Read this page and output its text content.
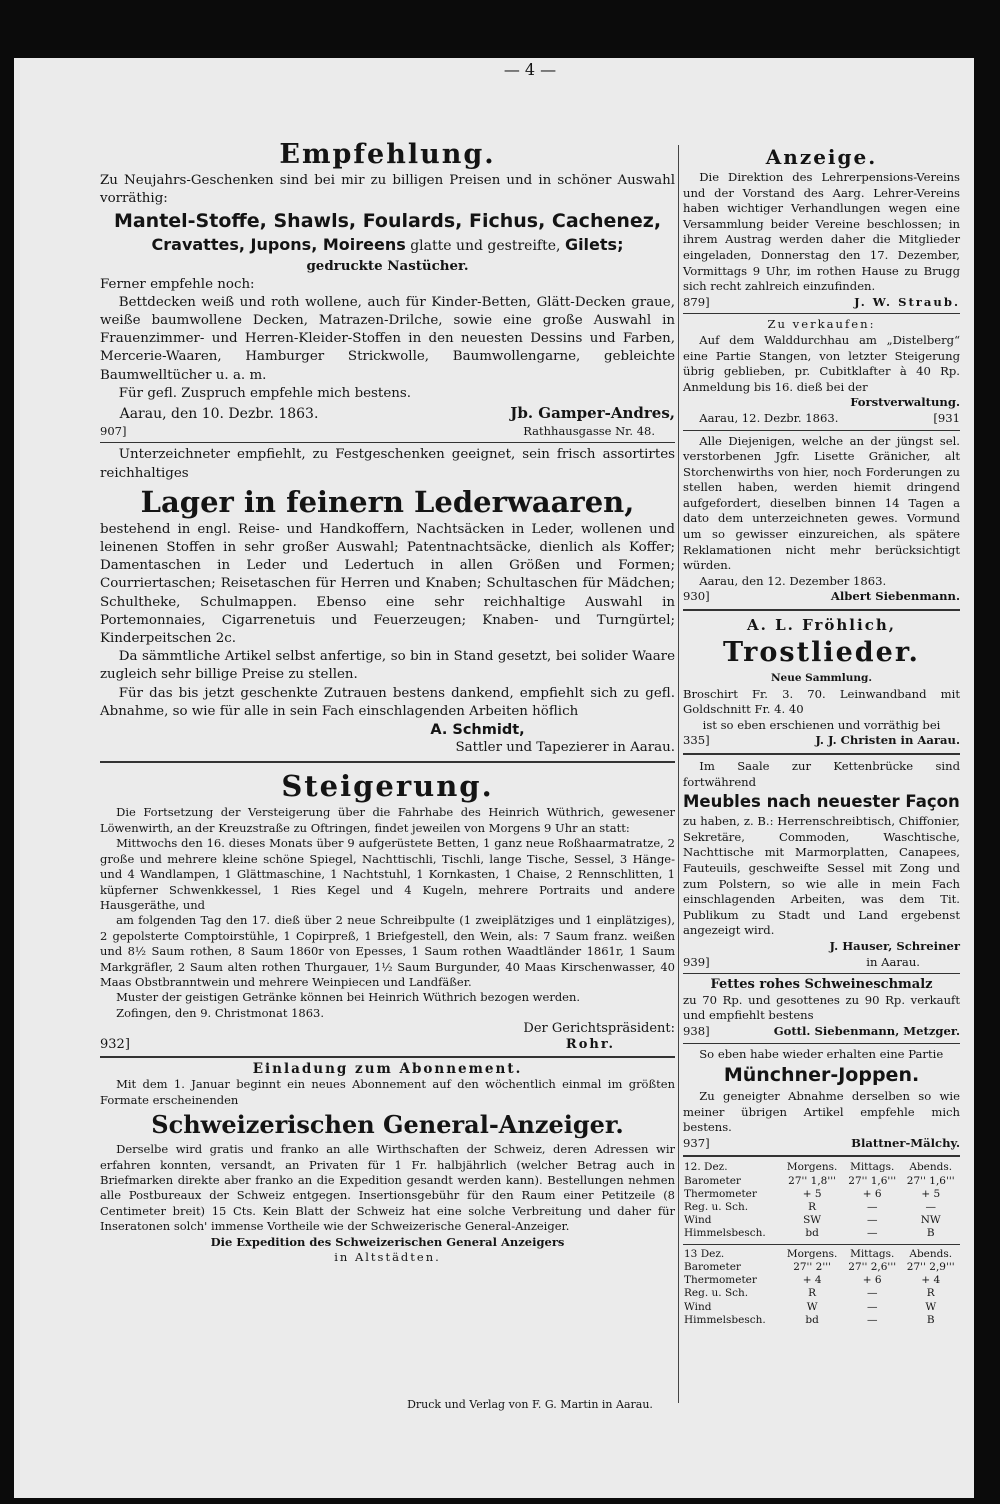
— 4 —

Empfehlung.

Zu Neujahrs-Geschenken sind bei mir zu billigen Preisen und in schöner Auswahl vorräthig:

Mantel-Stoffe, Shawls, Foulards, Fichus, Cachenez,

Cravattes, Jupons, Moireens glatte und gestreifte, Gilets;

gedruckte Nastücher.

Ferner empfehle noch:

Bettdecken weiß und roth wollene, auch für Kinder-Betten, Glätt-Decken graue, weiße baumwollene Decken, Matrazen-Drilche, sowie eine große Auswahl in Frauenzimmer- und Herren-Kleider-Stoffen in den neuesten Dessins und Farben, Mercerie-Waaren, Hamburger Strickwolle, Baumwollengarne, gebleichte Baumwelltücher u. a. m.

Für gefl. Zuspruch empfehle mich bestens.

Aarau, den 10. Dezbr. 1863.	Jb. Gamper-Andres,
907]	Rathhausgasse Nr. 48.

Unterzeichneter empfiehlt, zu Festgeschenken geeignet, sein frisch assortirtes reichhaltiges

Lager in feinern Lederwaaren,

bestehend in engl. Reise- und Handkoffern, Nachtsäcken in Leder, wollenen und leinenen Stoffen in sehr großer Auswahl; Patentnachtsäcke, dienlich als Koffer; Damentaschen in Leder und Ledertuch in allen Größen und Formen; Courriertaschen; Reisetaschen für Herren und Knaben; Schultaschen für Mädchen; Schultheke, Schulmappen. Ebenso eine sehr reichhaltige Auswahl in Portemonnaies, Cigarrenetuis und Feuerzeugen; Knaben- und Turngürtel; Kinderpeitschen 2c.

Da sämmtliche Artikel selbst anfertige, so bin in Stand gesetzt, bei solider Waare zugleich sehr billige Preise zu stellen.

Für das bis jetzt geschenkte Zutrauen bestens dankend, empfiehlt sich zu gefl. Abnahme, so wie für alle in sein Fach einschlagenden Arbeiten höflich

A. Schmidt,

Sattler und Tapezierer in Aarau.

Steigerung.

Die Fortsetzung der Versteigerung über die Fahrhabe des Heinrich Wüthrich, gewesener Löwenwirth, an der Kreuzstraße zu Oftringen, findet jeweilen von Morgens 9 Uhr an statt:

Mittwochs den 16. dieses Monats über 9 aufgerüstete Betten, 1 ganz neue Roßhaarmatratze, 2 große und mehrere kleine schöne Spiegel, Nachttischli, Tischli, lange Tische, Sessel, 3 Hänge- und 4 Wandlampen, 1 Glättmaschine, 1 Nachtstuhl, 1 Kornkasten, 1 Chaise, 2 Rennschlitten, 1 küpferner Schwenkkessel, 1 Ries Kegel und 4 Kugeln, mehrere Portraits und andere Hausgeräthe, und

am folgenden Tag den 17. dieß über 2 neue Schreibpulte (1 zweiplätziges und 1 einplätziges), 2 gepolsterte Comptoirstühle, 1 Copirpreß, 1 Briefgestell, den Wein, als: 7 Saum franz. weißen und 8½ Saum rothen, 8 Saum 1860r von Epesses, 1 Saum rothen Waadtländer 1861r, 1 Saum Markgräfler, 2 Saum alten rothen Thurgauer, 1½ Saum Burgunder, 40 Maas Kirschenwasser, 40 Maas Obstbranntwein und mehrere Weinpiecen und Landfäßer.

Muster der geistigen Getränke können bei Heinrich Wüthrich bezogen werden.

Zofingen, den 9. Christmonat 1863.

Der Gerichtspräsident:

932]	Rohr.

Einladung zum Abonnement.

Mit dem 1. Januar beginnt ein neues Abonnement auf den wöchentlich einmal im größten Formate erscheinenden

Schweizerischen General-Anzeiger.

Derselbe wird gratis und franko an alle Wirthschaften der Schweiz, deren Adressen wir erfahren konnten, versandt, an Privaten für 1 Fr. halbjährlich (welcher Betrag auch in Briefmarken direkte aber franko an die Expedition gesandt werden kann). Bestellungen nehmen alle Postbureaux der Schweiz entgegen. Insertionsgebühr für den Raum einer Petitzeile (8 Centimeter breit) 15 Cts. Kein Blatt der Schweiz hat eine solche Verbreitung und daher für Inseratonen solch' immense Vortheile wie der Schweizerische General-Anzeiger.

Die Expedition des Schweizerischen General Anzeigers

in Altstädten.

Anzeige.

Die Direktion des Lehrerpensions-Vereins und der Vorstand des Aarg. Lehrer-Vereins haben wichtiger Verhandlungen wegen eine Versammlung beider Vereine beschlossen; in ihrem Austrag werden daher die Mitglieder eingeladen, Donnerstag den 17. Dezember, Vormittags 9 Uhr, im rothen Hause zu Brugg sich recht zahlreich einzufinden.

879]	J. W. Straub.

Zu verkaufen:

Auf dem Walddurchhau am „Distelberg“ eine Partie Stangen, von letzter Steigerung übrig geblieben, pr. Cubitklafter à 40 Rp. Anmeldung bis 16. dieß bei der

Forstverwaltung.

Aarau, 12. Dezbr. 1863.	[931

Alle Diejenigen, welche an der jüngst sel. verstorbenen Jgfr. Lisette Gränicher, alt Storchenwirths von hier, noch Forderungen zu stellen haben, werden hiemit dringend aufgefordert, dieselben binnen 14 Tagen a dato dem unterzeichneten gewes. Vormund um so gewisser einzureichen, als spätere Reklamationen nicht mehr berücksichtigt würden.

Aarau, den 12. Dezember 1863.

930]	Albert Siebenmann.

A. L. Fröhlich,

Trostlieder.

Neue Sammlung.

Broschirt Fr. 3. 70. Leinwandband mit Goldschnitt Fr. 4. 40

ist so eben erschienen und vorräthig bei

335]	J. J. Christen in Aarau.

Im Saale zur Kettenbrücke sind fortwährend

Meubles nach neuester Façon

zu haben, z. B.: Herrenschreibtisch, Chiffonier, Sekretäre, Commoden, Waschtische, Nachttische mit Marmorplatten, Canapees, Fauteuils, geschweifte Sessel mit Zong und zum Polstern, so wie alle in mein Fach einschlagenden Arbeiten, was dem Tit. Publikum zu Stadt und Land ergebenst angezeigt wird.

J. Hauser, Schreiner

939]	in Aarau.

Fettes rohes Schweineschmalz

zu 70 Rp. und gesottenes zu 90 Rp. verkauft und empfiehlt bestens

938]	Gottl. Siebenmann, Metzger.

So eben habe wieder erhalten eine Partie

Münchner-Joppen.

Zu geneigter Abnahme derselben so wie meiner übrigen Artikel empfehle mich bestens.

937]	Blattner-Mälchy.
12. Dez.	Morgens.	Mittags.	Abends.
Barometer	27'' 1,8'''	27'' 1,6'''	27'' 1,6'''
Thermometer	+ 5	+ 6	+ 5
Reg. u. Sch.	R	—	—
Wind	SW	—	NW
Himmelsbesch.	bd	—	B
13 Dez.	Morgens.	Mittags.	Abends.
Barometer	27'' 2'''	27'' 2,6'''	27'' 2,9'''
Thermometer	+ 4	+ 6	+ 4
Reg. u. Sch.	R	—	R
Wind	W	—	W
Himmelsbesch.	bd	—	B
Druck und Verlag von F. G. Martin in Aarau.
